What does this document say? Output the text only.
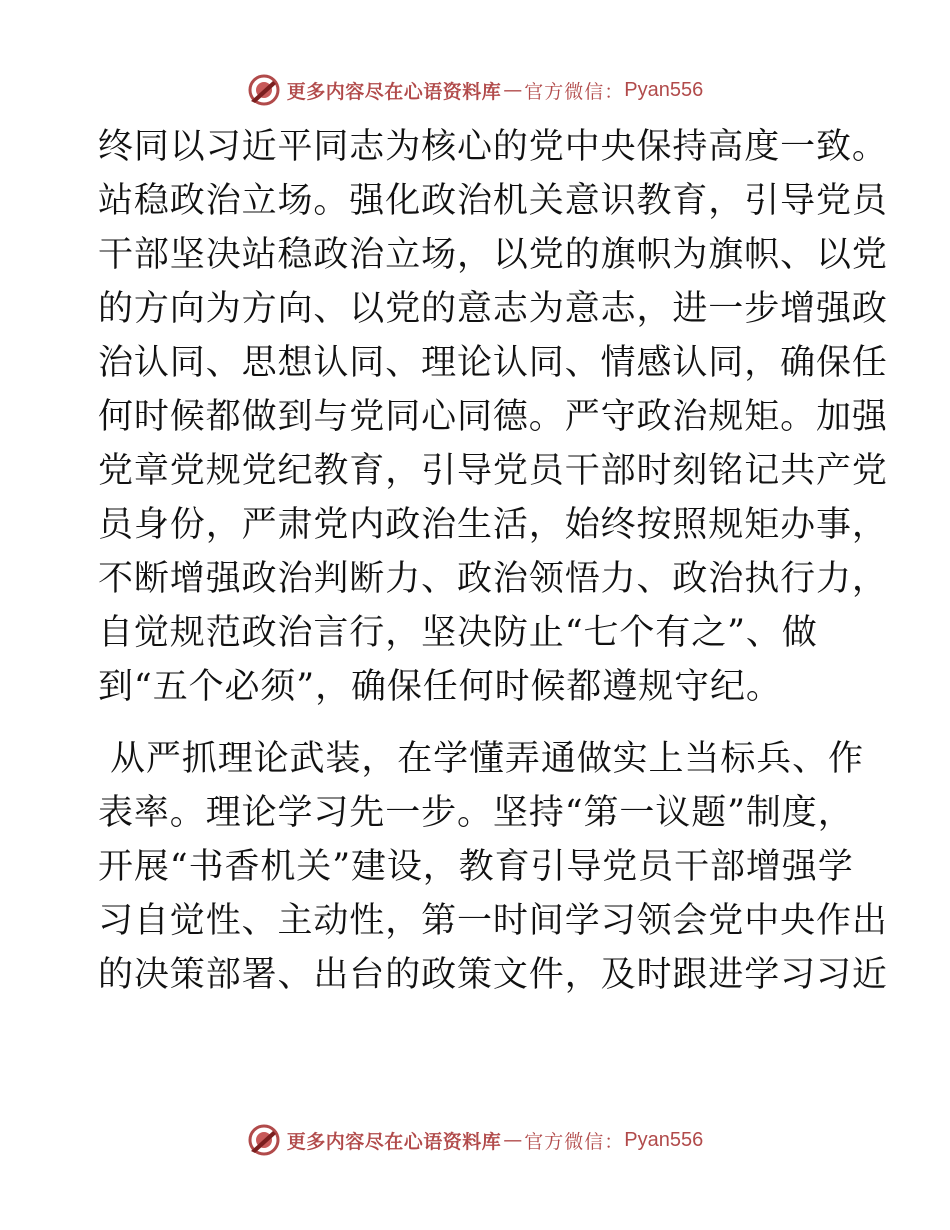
更多内容尽在心语资料库 — 官方微信： Pyan556
终同以习近平同志为核心的党中央保持高度一致。
站稳政治立场。强化政治机关意识教育，引导党员
干部坚决站稳政治立场，以党的旗帜为旗帜、以党
的方向为方向、以党的意志为意志，进一步增强政
治认同、思想认同、理论认同、情感认同，确保任
何时候都做到与党同心同德。严守政治规矩。加强
党章党规党纪教育，引导党员干部时刻铭记共产党
员身份，严肃党内政治生活，始终按照规矩办事，
不断增强政治判断力、政治领悟力、政治执行力，
自觉规范政治言行，坚决防止“七个有之”、做
到“五个必须”，确保任何时候都遵规守纪。
从严抓理论武装，在学懂弄通做实上当标兵、作
表率。理论学习先一步。坚持“第一议题”制度，
开展“书香机关”建设，教育引导党员干部增强学
习自觉性、主动性，第一时间学习领会党中央作出
的决策部署、出台的政策文件，及时跟进学习习近
更多内容尽在心语资料库 — 官方微信： Pyan556
